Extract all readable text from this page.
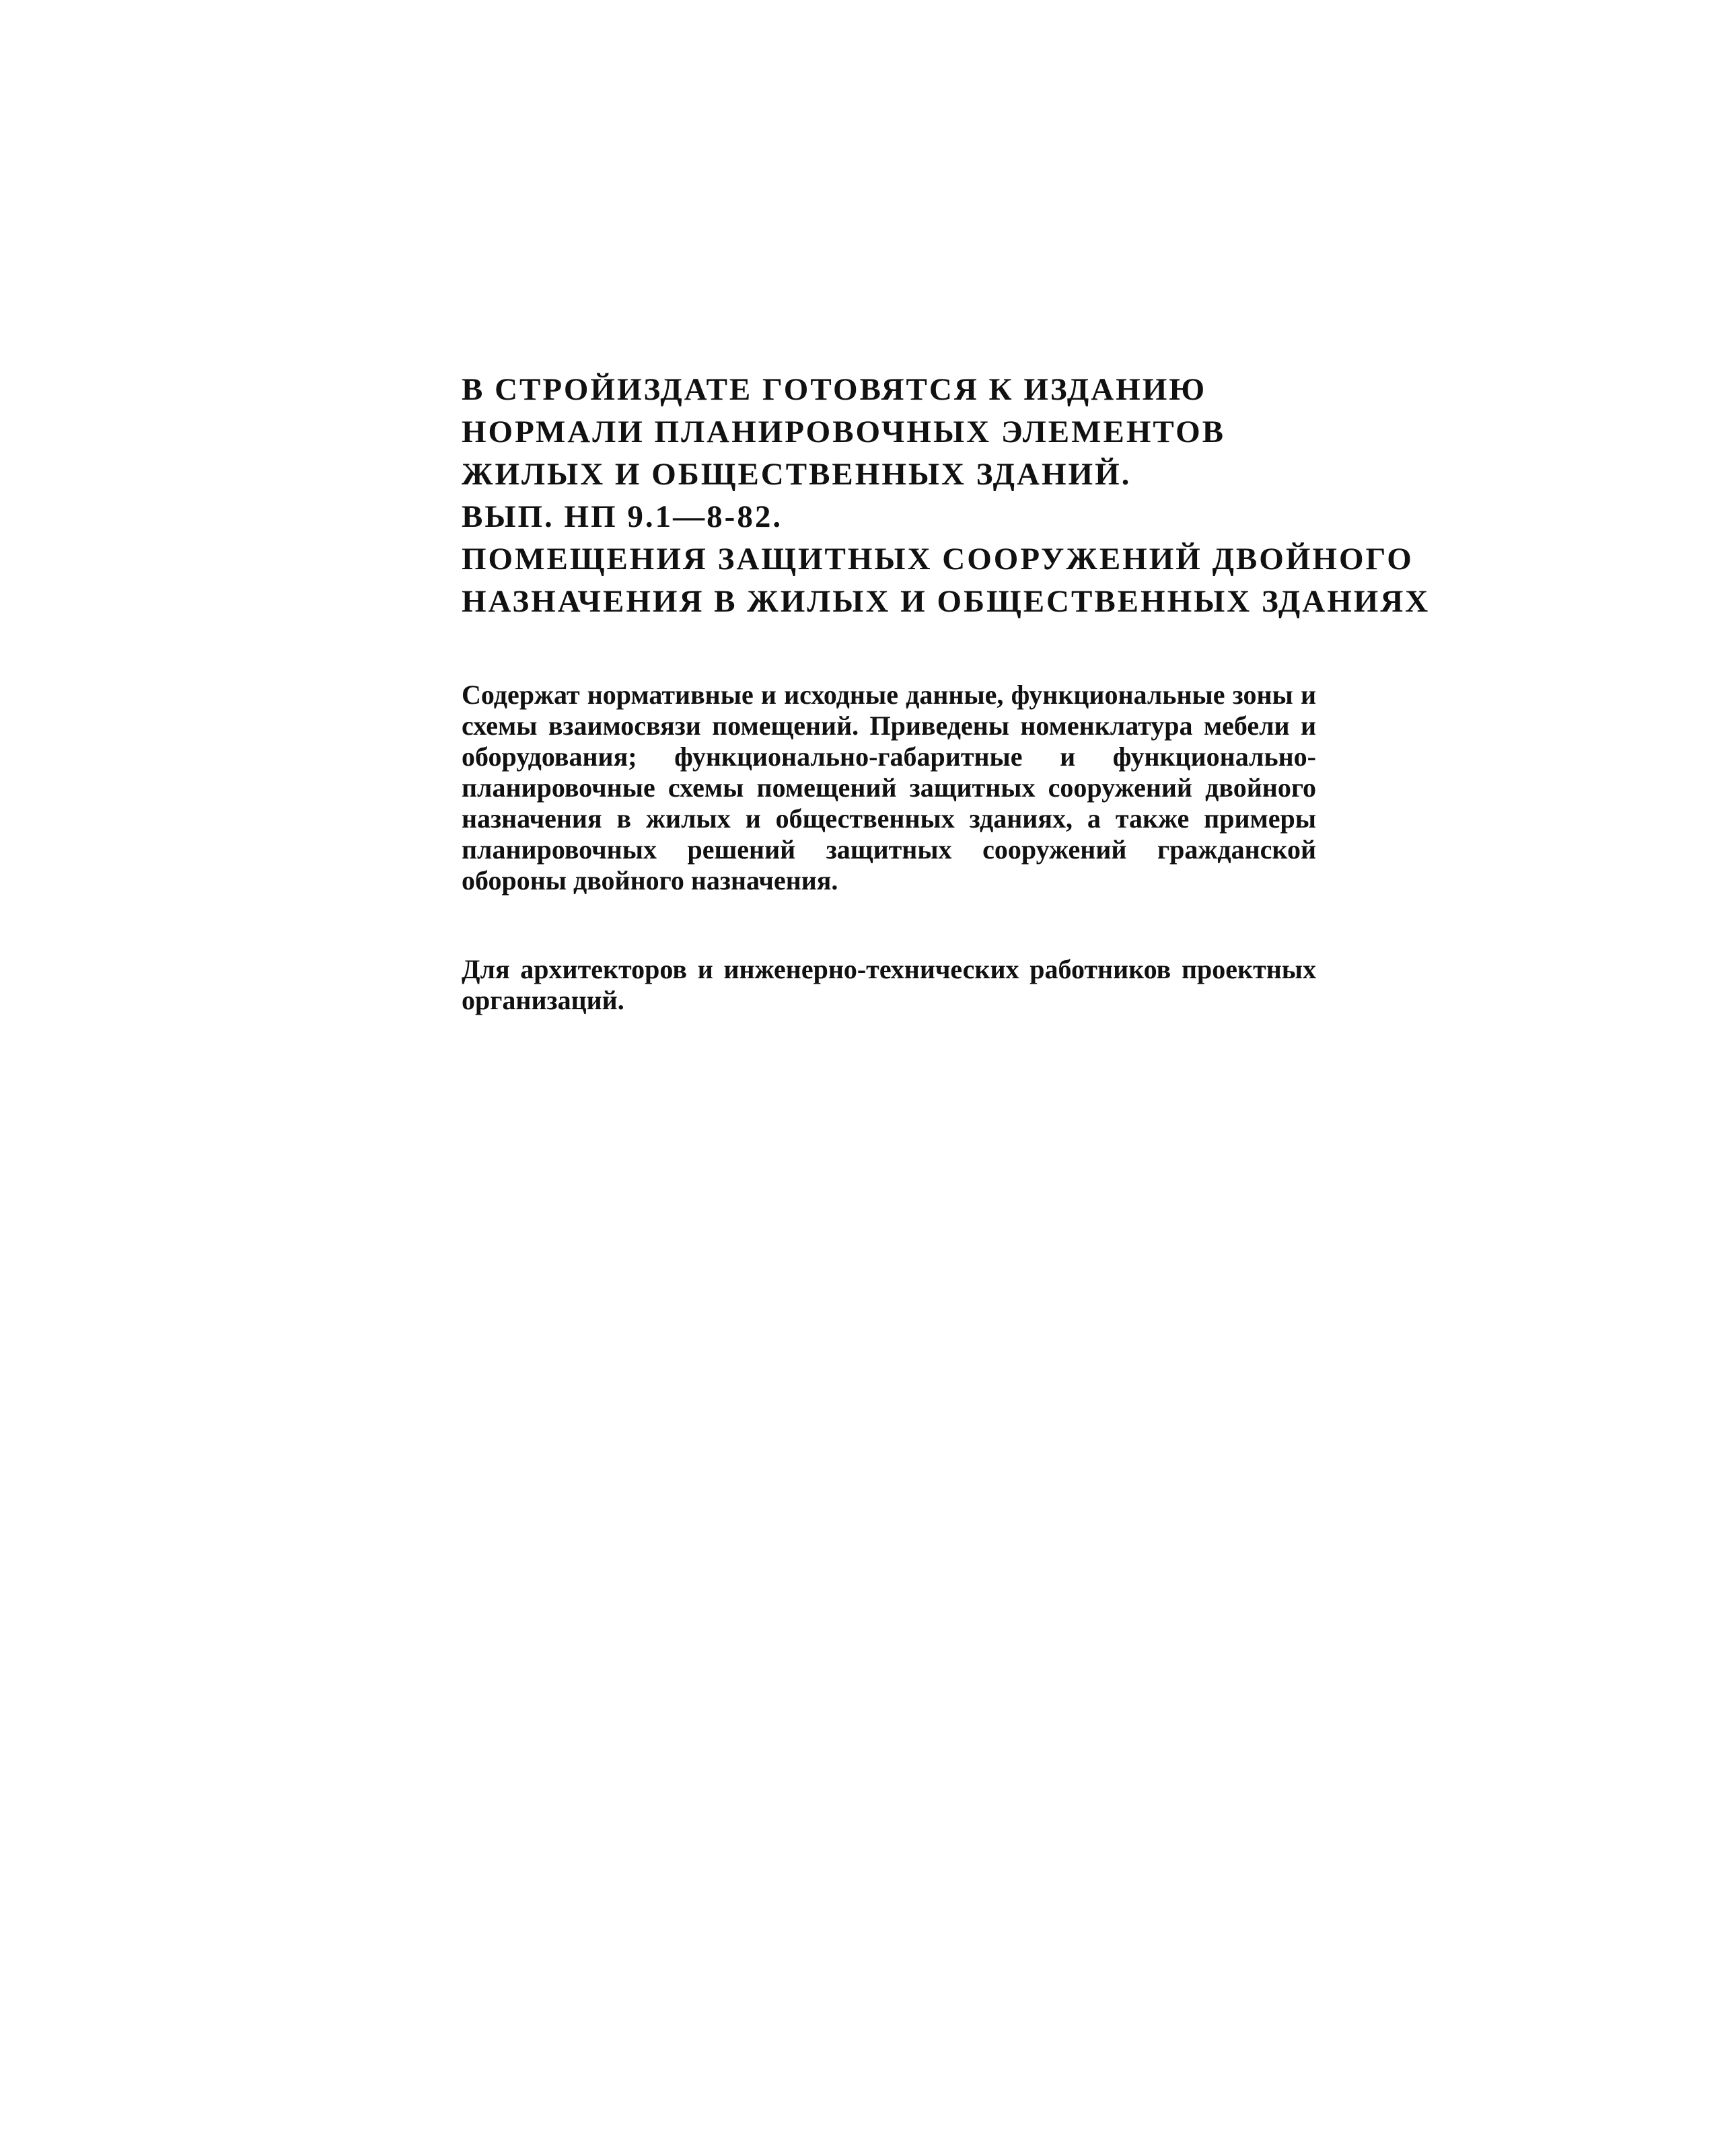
В СТРОЙИЗДАТЕ ГОТОВЯТСЯ К ИЗДАНИЮ
НОРМАЛИ ПЛАНИРОВОЧНЫХ ЭЛЕМЕНТОВ
ЖИЛЫХ И ОБЩЕСТВЕННЫХ ЗДАНИЙ.
ВЫП. НП 9.1—8-82.
ПОМЕЩЕНИЯ ЗАЩИТНЫХ СООРУЖЕНИЙ ДВОЙНОГО
НАЗНАЧЕНИЯ В ЖИЛЫХ И ОБЩЕСТВЕННЫХ ЗДАНИЯХ

Содержат нормативные и исходные данные, функциональные зоны и схемы взаимосвязи помещений. Приведены номенклатура мебели и оборудования; функционально-габаритные и функционально-планировочные схемы помещений защитных сооружений двойного назначения в жилых и общественных зданиях, а также примеры планировочных решений защитных сооружений гражданской обороны двойного назначения.

Для архитекторов и инженерно-технических работников проектных организаций.
